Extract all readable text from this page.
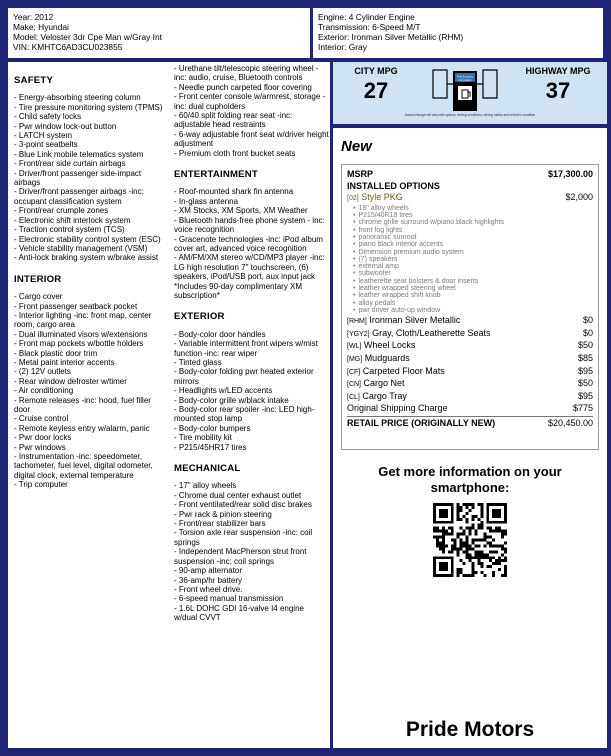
Year: 2012
Make: Hyundai
Model: Veloster 3dr Cpe Man w/Gray Int
VIN: KMHTC6AD3CU023855
Engine: 4 Cylinder Engine
Transmission: 6-Speed M/T
Exterior: Ironman Silver Metallic (RHM)
Interior: Gray
SAFETY
- Energy-absorbing steering column
- Tire pressure monitoring system (TPMS)
- Child safety locks
- Pwr window lock-out button
- LATCH system
- 3-point seatbelts
- Blue Link mobile telematics system
- Front/rear side curtain airbags
- Driver/front passenger side-impact airbags
- Driver/front passenger airbags -inc: occupant classification system
- Front/rear crumple zones
- Electronic shift interlock system
- Traction control system (TCS)
- Electronic stability control system (ESC)
- Vehicle stability management (VSM)
- Anti-lock braking system w/brake assist
INTERIOR
- Cargo cover
- Front passenger seatback pocket
- Interior lighting -inc: front map, center room, cargo area
- Dual illuminated visors w/extensions
- Front map pockets w/bottle holders
- Black plastic door trim
- Metal paint interior accents
- (2) 12V outlets
- Rear window defroster w/timer
- Air conditioning
- Remote releases -inc: hood, fuel filler door
- Cruise control
- Remote keyless entry w/alarm, panic
- Pwr door locks
- Pwr windows
- Instrumentation -inc: speedometer, tachometer, fuel level, digital odometer, digital clock, external temperature
- Trip computer
- Urethane tilt/telescopic steering wheel -inc: audio, cruise, Bluetooth controls
- Needle punch carpeted floor covering
- Front center console w/armrest, storage -inc: dual cupholders
- 60/40 split folding rear seat -inc: adjustable head restraints
- 6-way adjustable front seat w/driver height adjustment
- Premium cloth front bucket seats
ENTERTAINMENT
- Roof-mounted shark fin antenna
- In-glass antenna
- XM Stocks, XM Sports, XM Weather
- Bluetooth hands-free phone system - inc: voice recognition
- Gracenote technologies -inc: iPod album cover art, advanced voice recognition
- AM/FM/XM stereo w/CD/MP3 player -inc: LG high resolution 7" touchscreen, (6) speakers, iPod/USB port, aux input jack *Includes 90-day complimentary XM subscription*
EXTERIOR
- Body-color door handles
- Variable intermittent front wipers w/mist function -inc: rear wiper
- Tinted glass
- Body-color folding pwr heated exterior mirrors
- Headlights w/LED accents
- Body-color grille w/black intake
- Body-color rear spoiler -inc: LED high-mounted stop lamp
- Body-color bumpers
- Tire mobility kit
- P215/45HR17 tires
MECHANICAL
- 17" alloy wheels
- Chrome dual center exhaust outlet
- Front ventilated/rear solid disc brakes
- Pwr rack & pinion steering
- Front/rear stabilizer bars
- Torsion axle rear suspension -inc: coil springs
- Independent MacPherson strut front suspension -inc: coil springs
- 90-amp alternator
- 36-amp/hr battery
- Front wheel drive.
- 6-speed manual transmission
- 1.6L DOHC GDI 16-valve I4 engine w/dual CVVT
CITY MPG
27
Fuel Economy
Information
HIGHWAY MPG
37
Actual mileage will vary with options, driving conditions, driving habits and vehicle's condition
New
MSRP	$17,300.00
INSTALLED OPTIONS
[02] Style PKG	$2,000
• 18" alloy wheels
• P215/40R18 tires
• chrome grille surround w/piano black highlights
• front fog lights
• panoramic sunroof
• piano black interior accents
• Dimension premium audio system
• (7) speakers
• external amp
• subwoofer
• leatherette seat bolsters & door inserts
• leather wrapped steering wheel
• leather wrapped shift knob
• alloy pedals
• pwr driver auto-up window
[RHM] Ironman Silver Metallic	$0
[YGY2] Gray, Cloth/Leatherette Seats	$0
[WL] Wheel Locks	$50
[MG] Mudguards	$85
[CF] Carpeted Floor Mats	$95
[CN] Cargo Net	$50
[CL] Cargo Tray	$95
Original Shipping Charge	$775
RETAIL PRICE (ORIGINALLY NEW)	$20,450.00
Get more information on your smartphone:
Pride Motors
